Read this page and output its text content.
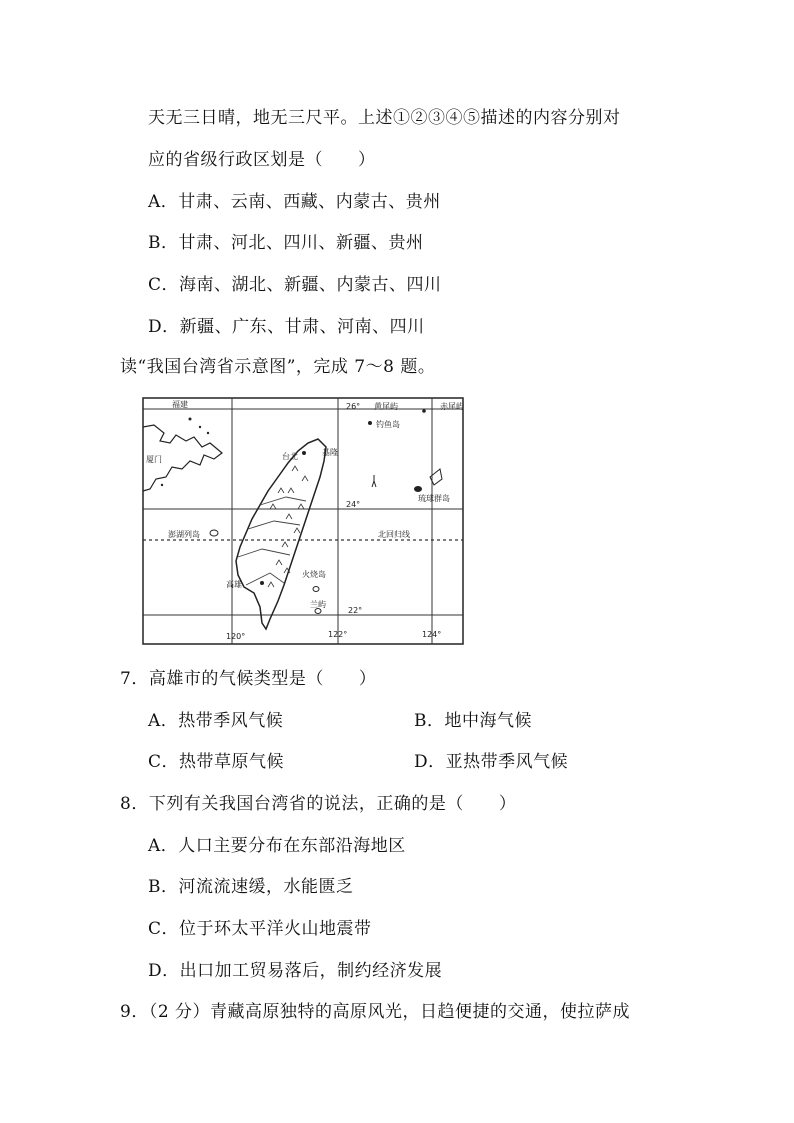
天无三日晴，地无三尺平。上述①②③④⑤描述的内容分别对
应的省级行政区划是（　　）
A．甘肃、云南、西藏、内蒙古、贵州
B．甘肃、河北、四川、新疆、贵州
C．海南、湖北、新疆、内蒙古、四川
D．新疆、广东、甘肃、河南、四川
读“我国台湾省示意图”，完成 7～8 题。
福建
厦门
澎湖列岛
高雄
台北	基隆
黄尾屿	赤尾屿
钓鱼岛
琉球群岛
北回归线
火烧岛
兰屿
26°
24°
22°
120°	122°	124°
7．高雄市的气候类型是（　　）
A．热带季风气候	B．地中海气候
C．热带草原气候	D．亚热带季风气候
8．下列有关我国台湾省的说法，正确的是（　　）
A．人口主要分布在东部沿海地区
B．河流流速缓，水能匮乏
C．位于环太平洋火山地震带
D．出口加工贸易落后，制约经济发展
9．（2 分）青藏高原独特的高原风光，日趋便捷的交通，使拉萨成
